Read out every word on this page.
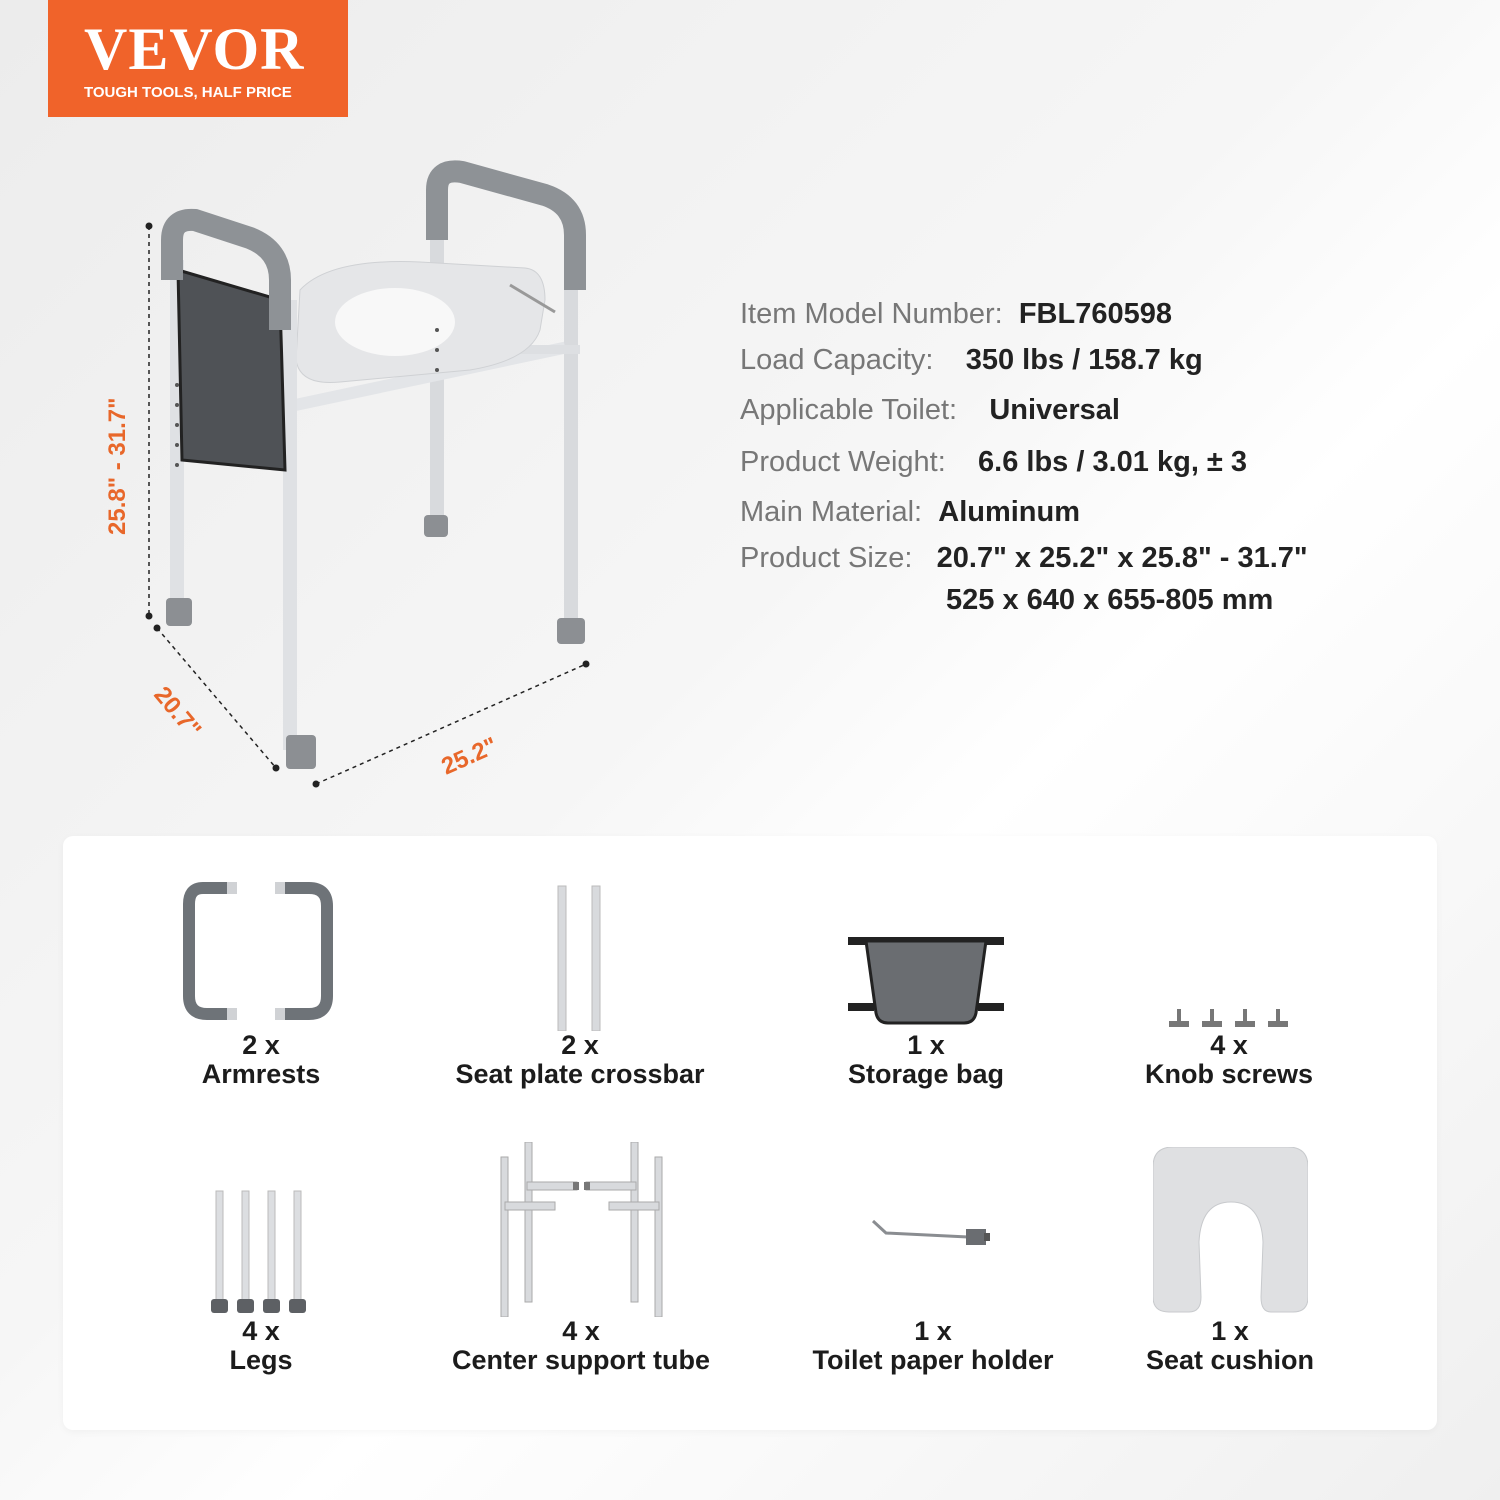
VEVOR
TOUGH TOOLS, HALF PRICE
25.8" - 31.7"
20.7"
25.2"
Item Model Number: FBL760598
Load Capacity: 350 lbs / 158.7 kg
Applicable Toilet: Universal
Product Weight: 6.6 lbs / 3.01 kg, ± 3
Main Material: Aluminum
Product Size: 20.7" x 25.2" x 25.8" - 31.7"
525 x 640 x 655-805 mm
2 x
Armrests
2 x
Seat plate crossbar
1 x
Storage bag
4 x
Knob screws
4 x
Legs
4 x
Center support tube
1 x
Toilet paper holder
1 x
Seat cushion
